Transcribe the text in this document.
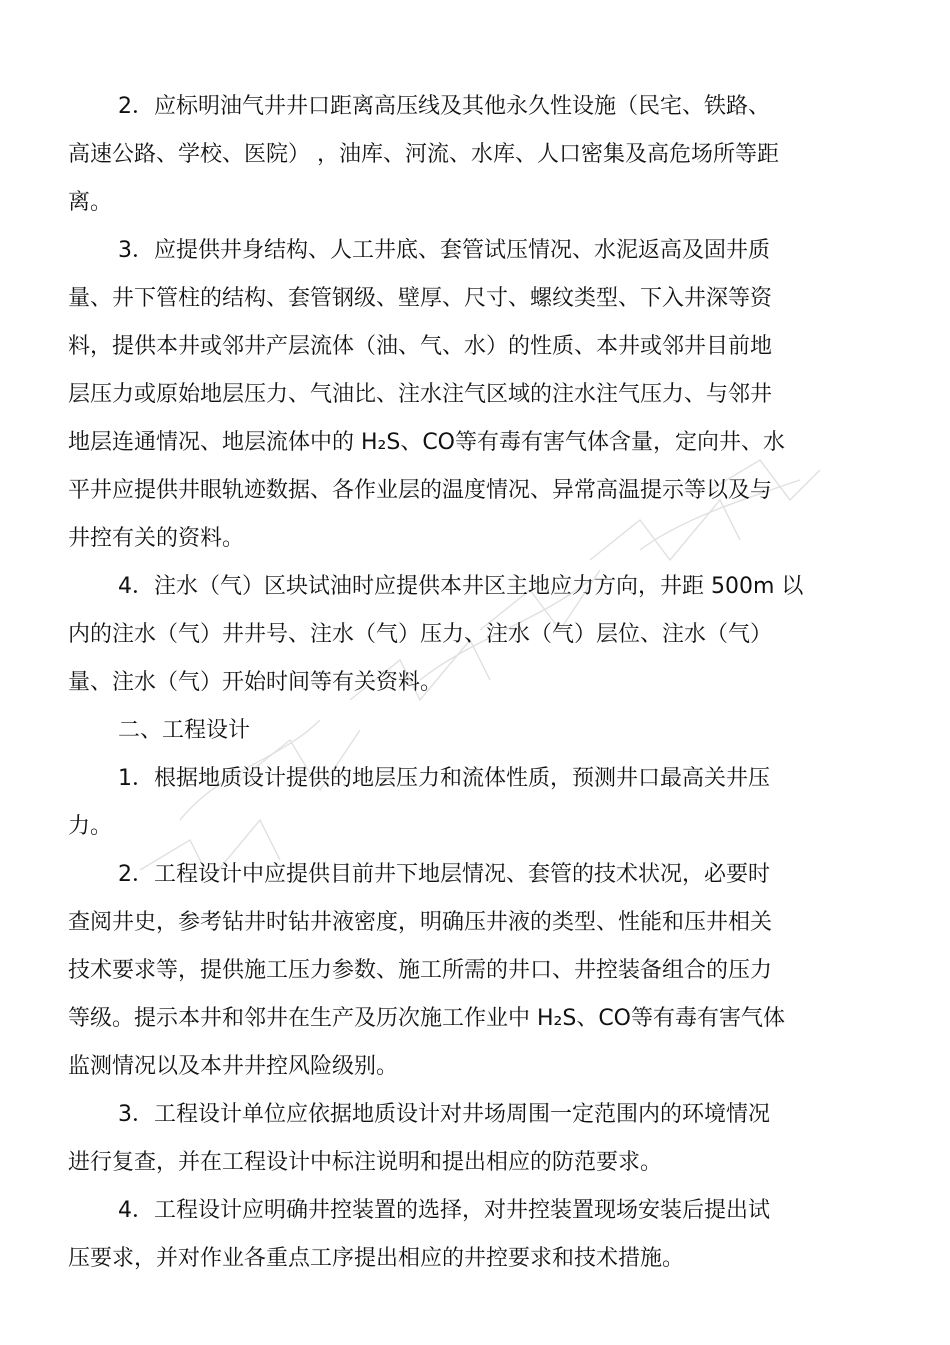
2．应标明油气井井口距离高压线及其他永久性设施（民宅、铁路、
高速公路、学校、医院） ，油库、河流、水库、人口密集及高危场所等距
离。
3．应提供井身结构、人工井底、套管试压情况、水泥返高及固井质
量、井下管柱的结构、套管钢级、壁厚、尺寸、螺纹类型、下入井深等资
料，提供本井或邻井产层流体（油、气、水）的性质、本井或邻井目前地
层压力或原始地层压力、气油比、注水注气区域的注水注气压力、与邻井
地层连通情况、地层流体中的 H₂S、CO等有毒有害气体含量，定向井、水
平井应提供井眼轨迹数据、各作业层的温度情况、异常高温提示等以及与
井控有关的资料。
4．注水（气）区块试油时应提供本井区主地应力方向，井距 500m 以
内的注水（气）井井号、注水（气）压力、注水（气）层位、注水（气）
量、注水（气）开始时间等有关资料。
二、工程设计
1．根据地质设计提供的地层压力和流体性质，预测井口最高关井压
力。
2．工程设计中应提供目前井下地层情况、套管的技术状况，必要时
查阅井史，参考钻井时钻井液密度，明确压井液的类型、性能和压井相关
技术要求等，提供施工压力参数、施工所需的井口、井控装备组合的压力
等级。提示本井和邻井在生产及历次施工作业中 H₂S、CO等有毒有害气体
监测情况以及本井井控风险级别。
3．工程设计单位应依据地质设计对井场周围一定范围内的环境情况
进行复查，并在工程设计中标注说明和提出相应的防范要求。
4．工程设计应明确井控装置的选择，对井控装置现场安装后提出试
压要求，并对作业各重点工序提出相应的井控要求和技术措施。
